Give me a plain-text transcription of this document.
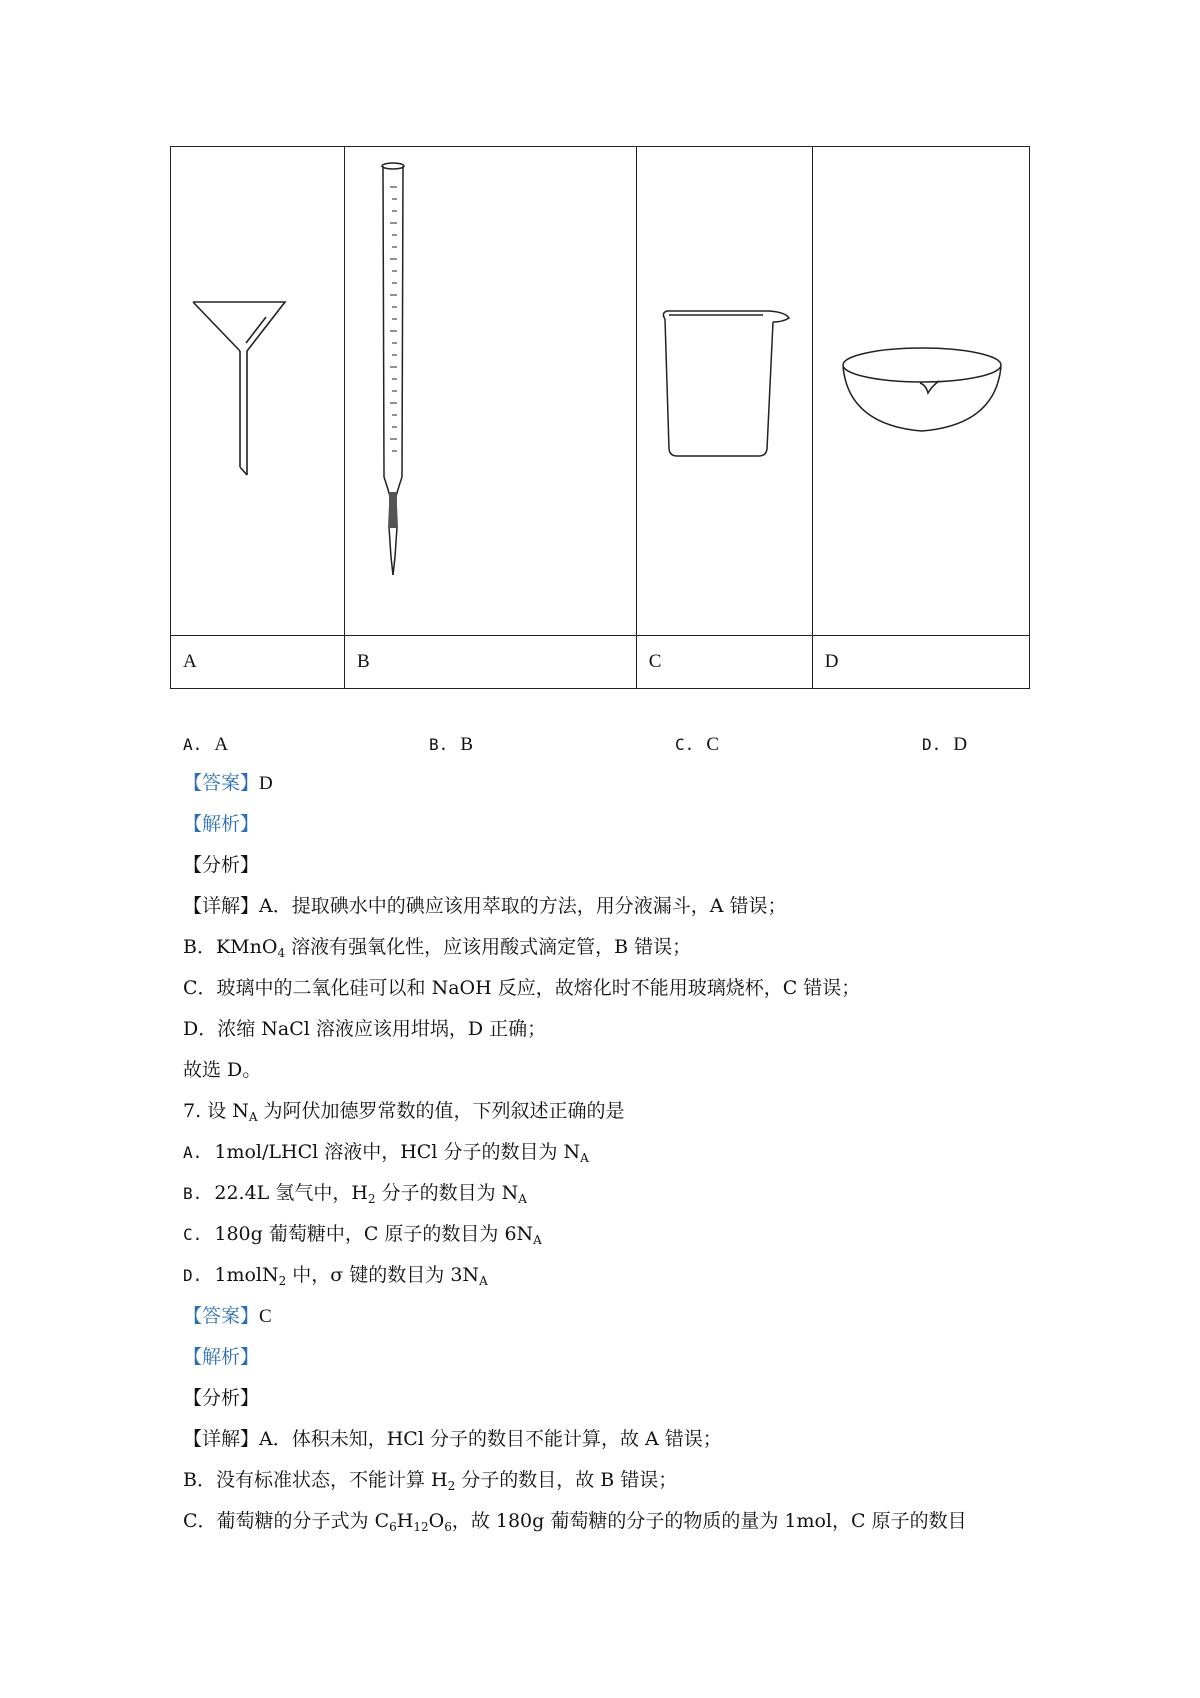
A	B	C	D
A. A	B. B	C. C	D. D
【答案】D
【解析】
【分析】
【详解】A．提取碘水中的碘应该用萃取的方法，用分液漏斗，A 错误；
B．KMnO$_4$ 溶液有强氧化性，应该用酸式滴定管，B 错误；
C．玻璃中的二氧化硅可以和 NaOH 反应，故熔化时不能用玻璃烧杯，C 错误；
D．浓缩 NaCl 溶液应该用坩埚，D 正确；
故选 D。
7. 设 $N_A$ 为阿伏加德罗常数的值，下列叙述正确的是
A. 1mol/LHCl 溶液中，HCl 分子的数目为 $N_A$
B. 22.4L 氢气中，$H_2$ 分子的数目为 $N_A$
C. 180g 葡萄糖中，C 原子的数目为 $6N_A$
D. 1molN$_2$ 中，σ 键的数目为 $3N_A$
【答案】C
【解析】
【分析】
【详解】A．体积未知，HCl 分子的数目不能计算，故 A 错误；
B．没有标准状态，不能计算 $H_2$ 分子的数目，故 B 错误；
C．葡萄糖的分子式为 $C_6H_{12}O_6$，故 180g 葡萄糖的分子的物质的量为 1mol，C 原子的数目
